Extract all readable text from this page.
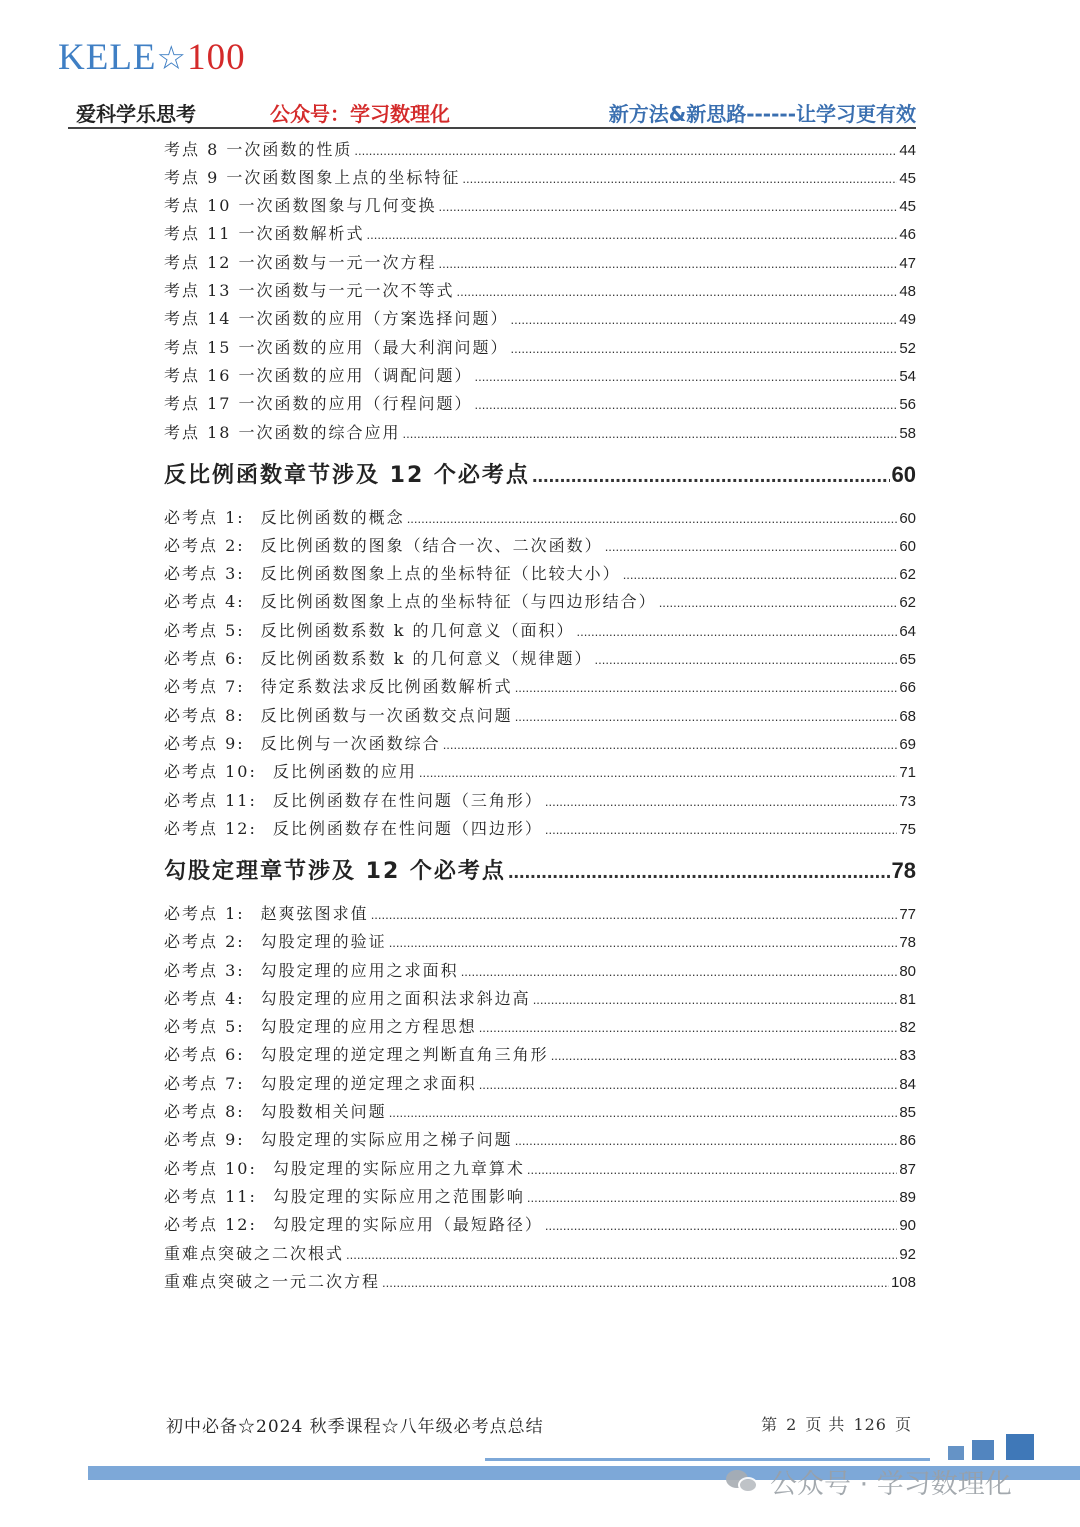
KELE☆100
爱科学乐思考	公众号：学习数理化	新方法&新思路------让学习更有效
考点 8 一次函数的性质 .....	44
考点 9 一次函数图象上点的坐标特征 .....	45
考点 10 一次函数图象与几何变换 .....	45
考点 11 一次函数解析式 .....	46
考点 12 一次函数与一元一次方程 .....	47
考点 13 一次函数与一元一次不等式 .....	48
考点 14 一次函数的应用（方案选择问题） .....	49
考点 15 一次函数的应用（最大利润问题） .....	52
考点 16 一次函数的应用（调配问题） .....	54
考点 17 一次函数的应用（行程问题） .....	56
考点 18 一次函数的综合应用 .....	58
反比例函数章节涉及 12 个必考点 .....	60
必考点 1: 反比例函数的概念 .....	60
必考点 2: 反比例函数的图象（结合一次、二次函数） .....	60
必考点 3: 反比例函数图象上点的坐标特征（比较大小） .....	62
必考点 4: 反比例函数图象上点的坐标特征（与四边形结合） .....	62
必考点 5: 反比例函数系数 k 的几何意义（面积） .....	64
必考点 6: 反比例函数系数 k 的几何意义（规律题） .....	65
必考点 7: 待定系数法求反比例函数解析式 .....	66
必考点 8: 反比例函数与一次函数交点问题 .....	68
必考点 9: 反比例与一次函数综合 .....	69
必考点 10: 反比例函数的应用 .....	71
必考点 11: 反比例函数存在性问题（三角形） .....	73
必考点 12: 反比例函数存在性问题（四边形） .....	75
勾股定理章节涉及 12 个必考点 .....	78
必考点 1: 赵爽弦图求值 .....	77
必考点 2: 勾股定理的验证 .....	78
必考点 3: 勾股定理的应用之求面积 .....	80
必考点 4: 勾股定理的应用之面积法求斜边高 .....	81
必考点 5: 勾股定理的应用之方程思想 .....	82
必考点 6: 勾股定理的逆定理之判断直角三角形 .....	83
必考点 7: 勾股定理的逆定理之求面积 .....	84
必考点 8: 勾股数相关问题 .....	85
必考点 9: 勾股定理的实际应用之梯子问题 .....	86
必考点 10: 勾股定理的实际应用之九章算术 .....	87
必考点 11: 勾股定理的实际应用之范围影响 .....	89
必考点 12: 勾股定理的实际应用（最短路径） .....	90
重难点突破之二次根式 .....	92
重难点突破之一元二次方程 .....	108
初中必备☆2024 秋季课程☆八年级必考点总结	第 2 页 共 126 页
公众号 · 学习数理化
